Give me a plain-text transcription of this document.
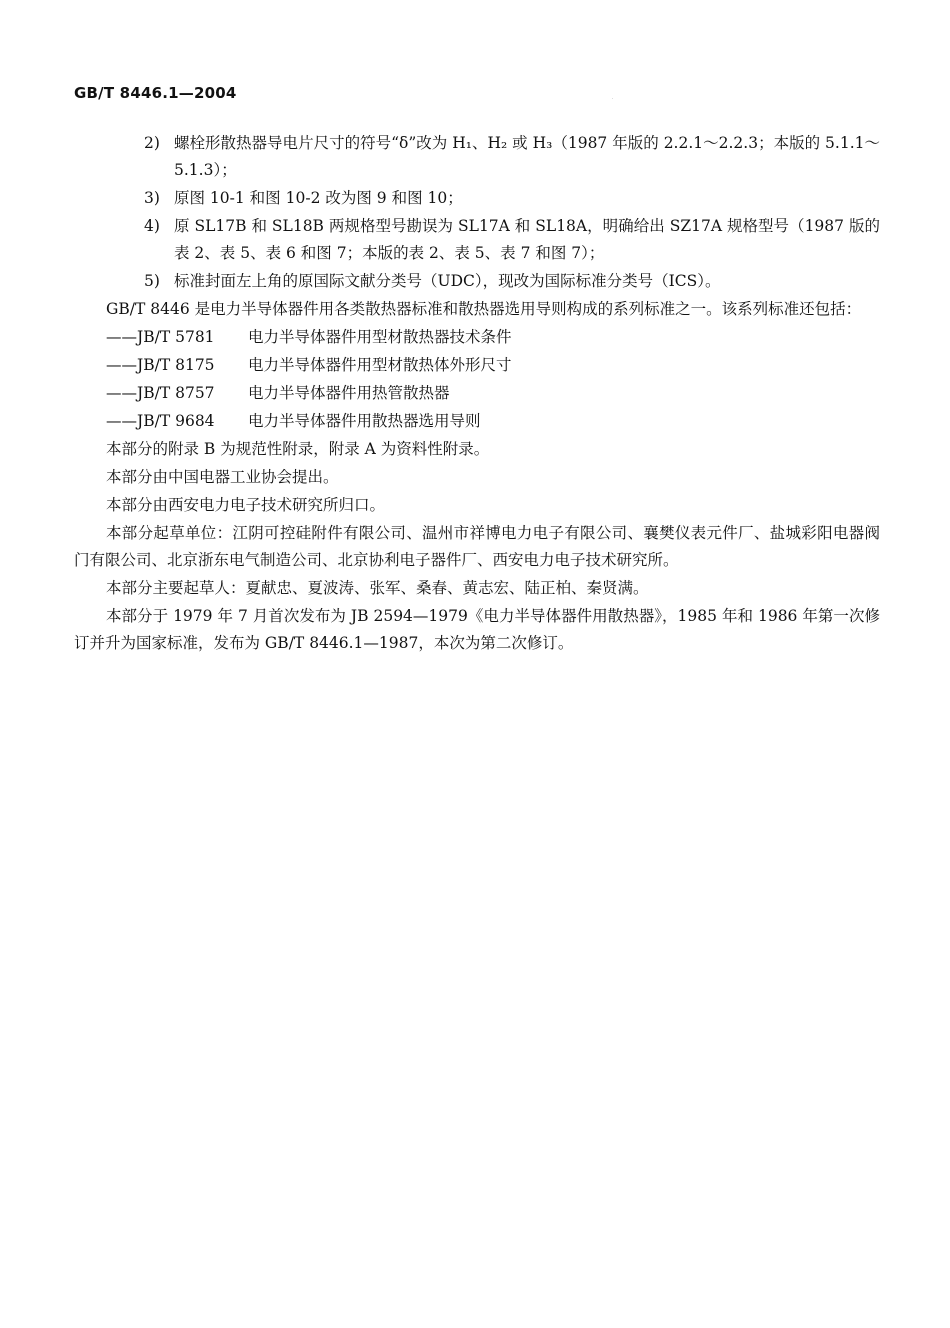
GB/T 8446.1—2004
2) 螺栓形散热器导电片尺寸的符号“δ”改为 H₁、H₂ 或 H₃（1987 年版的 2.2.1～2.2.3；本版的 5.1.1～5.1.3）；
3) 原图 10-1 和图 10-2 改为图 9 和图 10；
4) 原 SL17B 和 SL18B 两规格型号勘误为 SL17A 和 SL18A，明确给出 SZ17A 规格型号（1987 版的表 2、表 5、表 6 和图 7；本版的表 2、表 5、表 7 和图 7）；
5) 标准封面左上角的原国际文献分类号（UDC），现改为国际标准分类号（ICS）。
GB/T 8446 是电力半导体器件用各类散热器标准和散热器选用导则构成的系列标准之一。该系列标准还包括：
——JB/T 5781 电力半导体器件用型材散热器技术条件
——JB/T 8175 电力半导体器件用型材散热体外形尺寸
——JB/T 8757 电力半导体器件用热管散热器
——JB/T 9684 电力半导体器件用散热器选用导则
本部分的附录 B 为规范性附录，附录 A 为资料性附录。
本部分由中国电器工业协会提出。
本部分由西安电力电子技术研究所归口。
本部分起草单位：江阴可控硅附件有限公司、温州市祥博电力电子有限公司、襄樊仪表元件厂、盐城彩阳电器阀门有限公司、北京浙东电气制造公司、北京协利电子器件厂、西安电力电子技术研究所。
本部分主要起草人：夏献忠、夏波涛、张军、桑春、黄志宏、陆正柏、秦贤满。
本部分于 1979 年 7 月首次发布为 JB 2594—1979《电力半导体器件用散热器》，1985 年和 1986 年第一次修订并升为国家标准，发布为 GB/T 8446.1—1987，本次为第二次修订。
